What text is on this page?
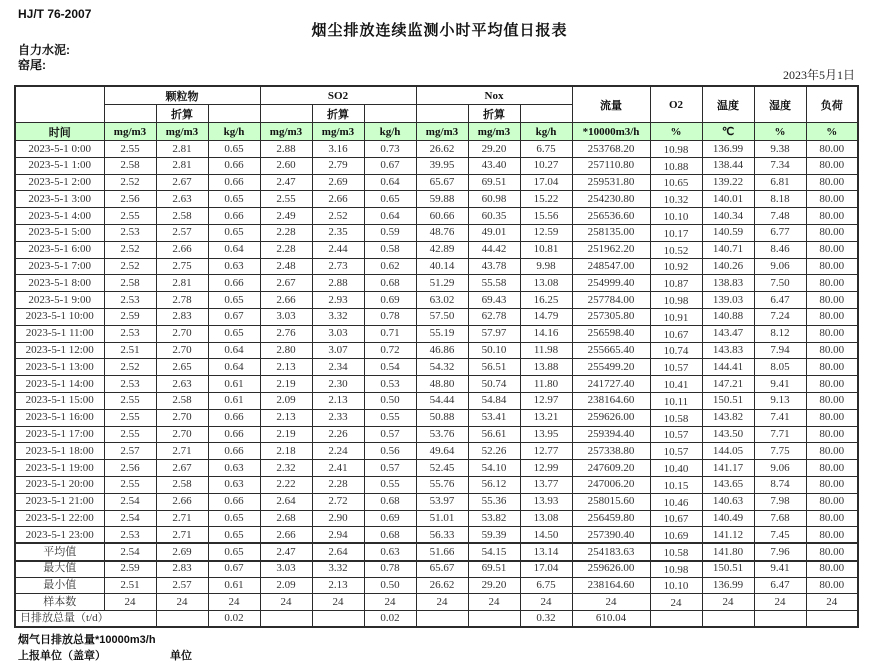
HJ/T 76-2007
烟尘排放连续监测小时平均值日报表
自力水泥:
窑尾:
2023年5月1日
	颗粒物			SO2			Nox			流量	O2	温度	湿度	负荷
		折算			折算			折算						
时间	mg/m3	mg/m3	kg/h	mg/m3	mg/m3	kg/h	mg/m3	mg/m3	kg/h	*10000m3/h	%	℃	%	%
2023-5-1 0:00	2.55	2.81	0.65	2.88	3.16	0.73	26.62	29.20	6.75	253768.20	10.98	136.99	9.38	80.00
2023-5-1 1:00	2.58	2.81	0.66	2.60	2.79	0.67	39.95	43.40	10.27	257110.80	10.88	138.44	7.34	80.00
2023-5-1 2:00	2.52	2.67	0.66	2.47	2.69	0.64	65.67	69.51	17.04	259531.80	10.65	139.22	6.81	80.00
2023-5-1 3:00	2.56	2.63	0.65	2.55	2.66	0.65	59.88	60.98	15.22	254230.80	10.32	140.01	8.18	80.00
2023-5-1 4:00	2.55	2.58	0.66	2.49	2.52	0.64	60.66	60.35	15.56	256536.60	10.10	140.34	7.48	80.00
2023-5-1 5:00	2.53	2.57	0.65	2.28	2.35	0.59	48.76	49.01	12.59	258135.00	10.17	140.59	6.77	80.00
2023-5-1 6:00	2.52	2.66	0.64	2.28	2.44	0.58	42.89	44.42	10.81	251962.20	10.52	140.71	8.46	80.00
2023-5-1 7:00	2.52	2.75	0.63	2.48	2.73	0.62	40.14	43.78	9.98	248547.00	10.92	140.26	9.06	80.00
2023-5-1 8:00	2.58	2.81	0.66	2.67	2.88	0.68	51.29	55.58	13.08	254999.40	10.87	138.83	7.50	80.00
2023-5-1 9:00	2.53	2.78	0.65	2.66	2.93	0.69	63.02	69.43	16.25	257784.00	10.98	139.03	6.47	80.00
2023-5-1 10:00	2.59	2.83	0.67	3.03	3.32	0.78	57.50	62.78	14.79	257305.80	10.91	140.88	7.24	80.00
2023-5-1 11:00	2.53	2.70	0.65	2.76	3.03	0.71	55.19	57.97	14.16	256598.40	10.67	143.47	8.12	80.00
2023-5-1 12:00	2.51	2.70	0.64	2.80	3.07	0.72	46.86	50.10	11.98	255665.40	10.74	143.83	7.94	80.00
2023-5-1 13:00	2.52	2.65	0.64	2.13	2.34	0.54	54.32	56.51	13.88	255499.20	10.57	144.41	8.05	80.00
2023-5-1 14:00	2.53	2.63	0.61	2.19	2.30	0.53	48.80	50.74	11.80	241727.40	10.41	147.21	9.41	80.00
2023-5-1 15:00	2.55	2.58	0.61	2.09	2.13	0.50	54.44	54.84	12.97	238164.60	10.11	150.51	9.13	80.00
2023-5-1 16:00	2.55	2.70	0.66	2.13	2.33	0.55	50.88	53.41	13.21	259626.00	10.58	143.82	7.41	80.00
2023-5-1 17:00	2.55	2.70	0.66	2.19	2.26	0.57	53.76	56.61	13.95	259394.40	10.57	143.50	7.71	80.00
2023-5-1 18:00	2.57	2.71	0.66	2.18	2.24	0.56	49.64	52.26	12.77	257338.80	10.57	144.05	7.75	80.00
2023-5-1 19:00	2.56	2.67	0.63	2.32	2.41	0.57	52.45	54.10	12.99	247609.20	10.40	141.17	9.06	80.00
2023-5-1 20:00	2.55	2.58	0.63	2.22	2.28	0.55	55.76	56.12	13.77	247006.20	10.15	143.65	8.74	80.00
2023-5-1 21:00	2.54	2.66	0.66	2.64	2.72	0.68	53.97	55.36	13.93	258015.60	10.46	140.63	7.98	80.00
2023-5-1 22:00	2.54	2.71	0.65	2.68	2.90	0.69	51.01	53.82	13.08	256459.80	10.67	140.49	7.68	80.00
2023-5-1 23:00	2.53	2.71	0.65	2.66	2.94	0.68	56.33	59.39	14.50	257390.40	10.69	141.12	7.45	80.00

平均值	2.54	2.69	0.65	2.47	2.64	0.63	51.66	54.15	13.14	254183.63	10.58	141.80	7.96	80.00
最大值	2.59	2.83	0.67	3.03	3.32	0.78	65.67	69.51	17.04	259626.00	10.98	150.51	9.41	80.00
最小值	2.51	2.57	0.61	2.09	2.13	0.50	26.62	29.20	6.75	238164.60	10.10	136.99	6.47	80.00
样本数	24	24	24	24	24	24	24	24	24	24	24	24	24	24
日排放总量（t/d）			0.02			0.02			0.32	610.04				
烟气日排放总量*10000m3/h
上报单位（盖章）	单位
